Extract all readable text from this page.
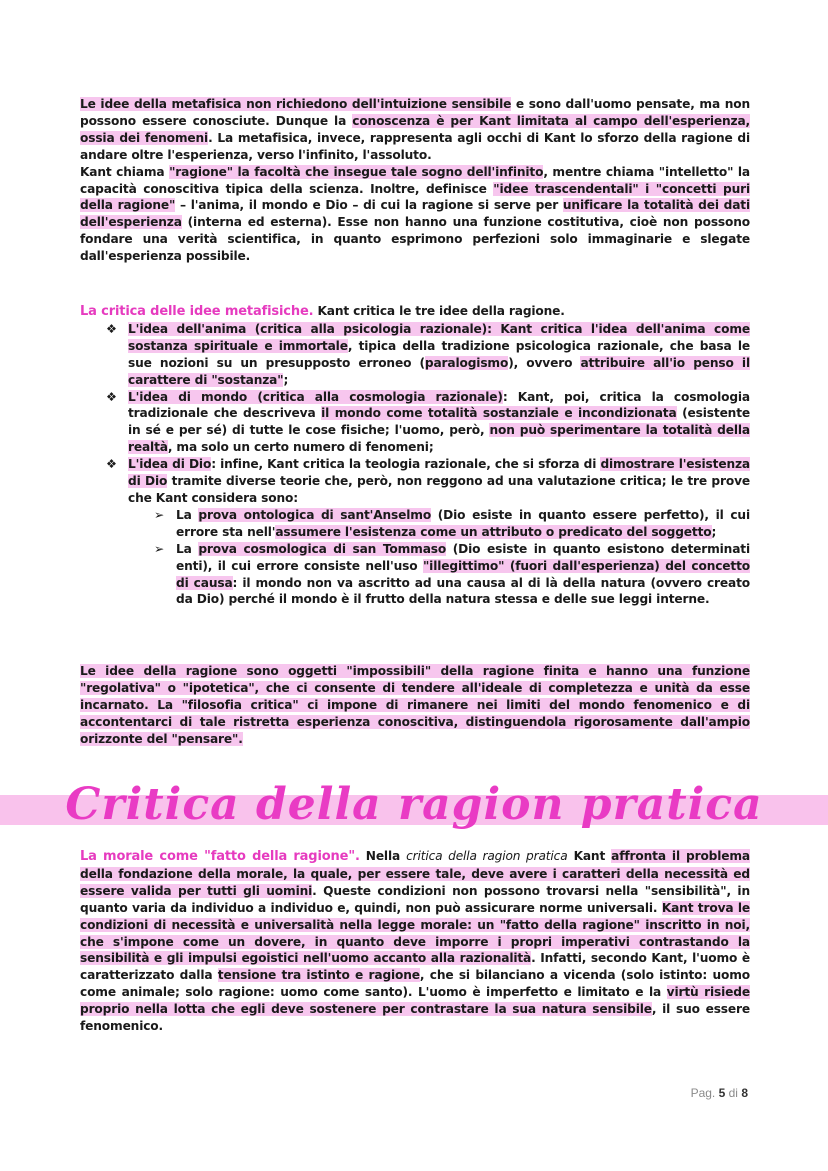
Le idee della metafisica non richiedono dell'intuizione sensibile e sono dall'uomo pensate, ma non possono essere conosciute. Dunque la conoscenza è per Kant limitata al campo dell'esperienza, ossia dei fenomeni. La metafisica, invece, rappresenta agli occhi di Kant lo sforzo della ragione di andare oltre l'esperienza, verso l'infinito, l'assoluto.
Kant chiama "ragione" la facoltà che insegue tale sogno dell'infinito, mentre chiama "intelletto" la capacità conoscitiva tipica della scienza. Inoltre, definisce "idee trascendentali" i "concetti puri della ragione" – l'anima, il mondo e Dio – di cui la ragione si serve per unificare la totalità dei dati dell'esperienza (interna ed esterna). Esse non hanno una funzione costitutiva, cioè non possono fondare una verità scientifica, in quanto esprimono perfezioni solo immaginarie e slegate dall'esperienza possibile.
La critica delle idee metafisiche. Kant critica le tre idee della ragione.
❖ L'idea dell'anima (critica alla psicologia razionale): Kant critica l'idea dell'anima come sostanza spirituale e immortale, tipica della tradizione psicologica razionale, che basa le sue nozioni su un presupposto erroneo (paralogismo), ovvero attribuire all'io penso il carattere di "sostanza";
❖ L'idea di mondo (critica alla cosmologia razionale): Kant, poi, critica la cosmologia tradizionale che descriveva il mondo come totalità sostanziale e incondizionata (esistente in sé e per sé) di tutte le cose fisiche; l'uomo, però, non può sperimentare la totalità della realtà, ma solo un certo numero di fenomeni;
❖ L'idea di Dio: infine, Kant critica la teologia razionale, che si sforza di dimostrare l'esistenza di Dio tramite diverse teorie che, però, non reggono ad una valutazione critica; le tre prove che Kant considera sono:
➢ La prova ontologica di sant'Anselmo (Dio esiste in quanto essere perfetto), il cui errore sta nell'assumere l'esistenza come un attributo o predicato del soggetto;
➢ La prova cosmologica di san Tommaso (Dio esiste in quanto esistono determinati enti), il cui errore consiste nell'uso "illegittimo" (fuori dall'esperienza) del concetto di causa: il mondo non va ascritto ad una causa al di là della natura (ovvero creato da Dio) perché il mondo è il frutto della natura stessa e delle sue leggi interne.
Le idee della ragione sono oggetti "impossibili" della ragione finita e hanno una funzione "regolativa" o "ipotetica", che ci consente di tendere all'ideale di completezza e unità da esse incarnato. La "filosofia critica" ci impone di rimanere nei limiti del mondo fenomenico e di accontentarci di tale ristretta esperienza conoscitiva, distinguendola rigorosamente dall'ampio orizzonte del "pensare".
Critica della ragion pratica
La morale come "fatto della ragione". Nella critica della ragion pratica Kant affronta il problema della fondazione della morale, la quale, per essere tale, deve avere i caratteri della necessità ed essere valida per tutti gli uomini. Queste condizioni non possono trovarsi nella "sensibilità", in quanto varia da individuo a individuo e, quindi, non può assicurare norme universali. Kant trova le condizioni di necessità e universalità nella legge morale: un "fatto della ragione" inscritto in noi, che s'impone come un dovere, in quanto deve imporre i propri imperativi contrastando la sensibilità e gli impulsi egoistici nell'uomo accanto alla razionalità. Infatti, secondo Kant, l'uomo è caratterizzato dalla tensione tra istinto e ragione, che si bilanciano a vicenda (solo istinto: uomo come animale; solo ragione: uomo come santo). L'uomo è imperfetto e limitato e la virtù risiede proprio nella lotta che egli deve sostenere per contrastare la sua natura sensibile, il suo essere fenomenico.
Pag. 5 di 8
